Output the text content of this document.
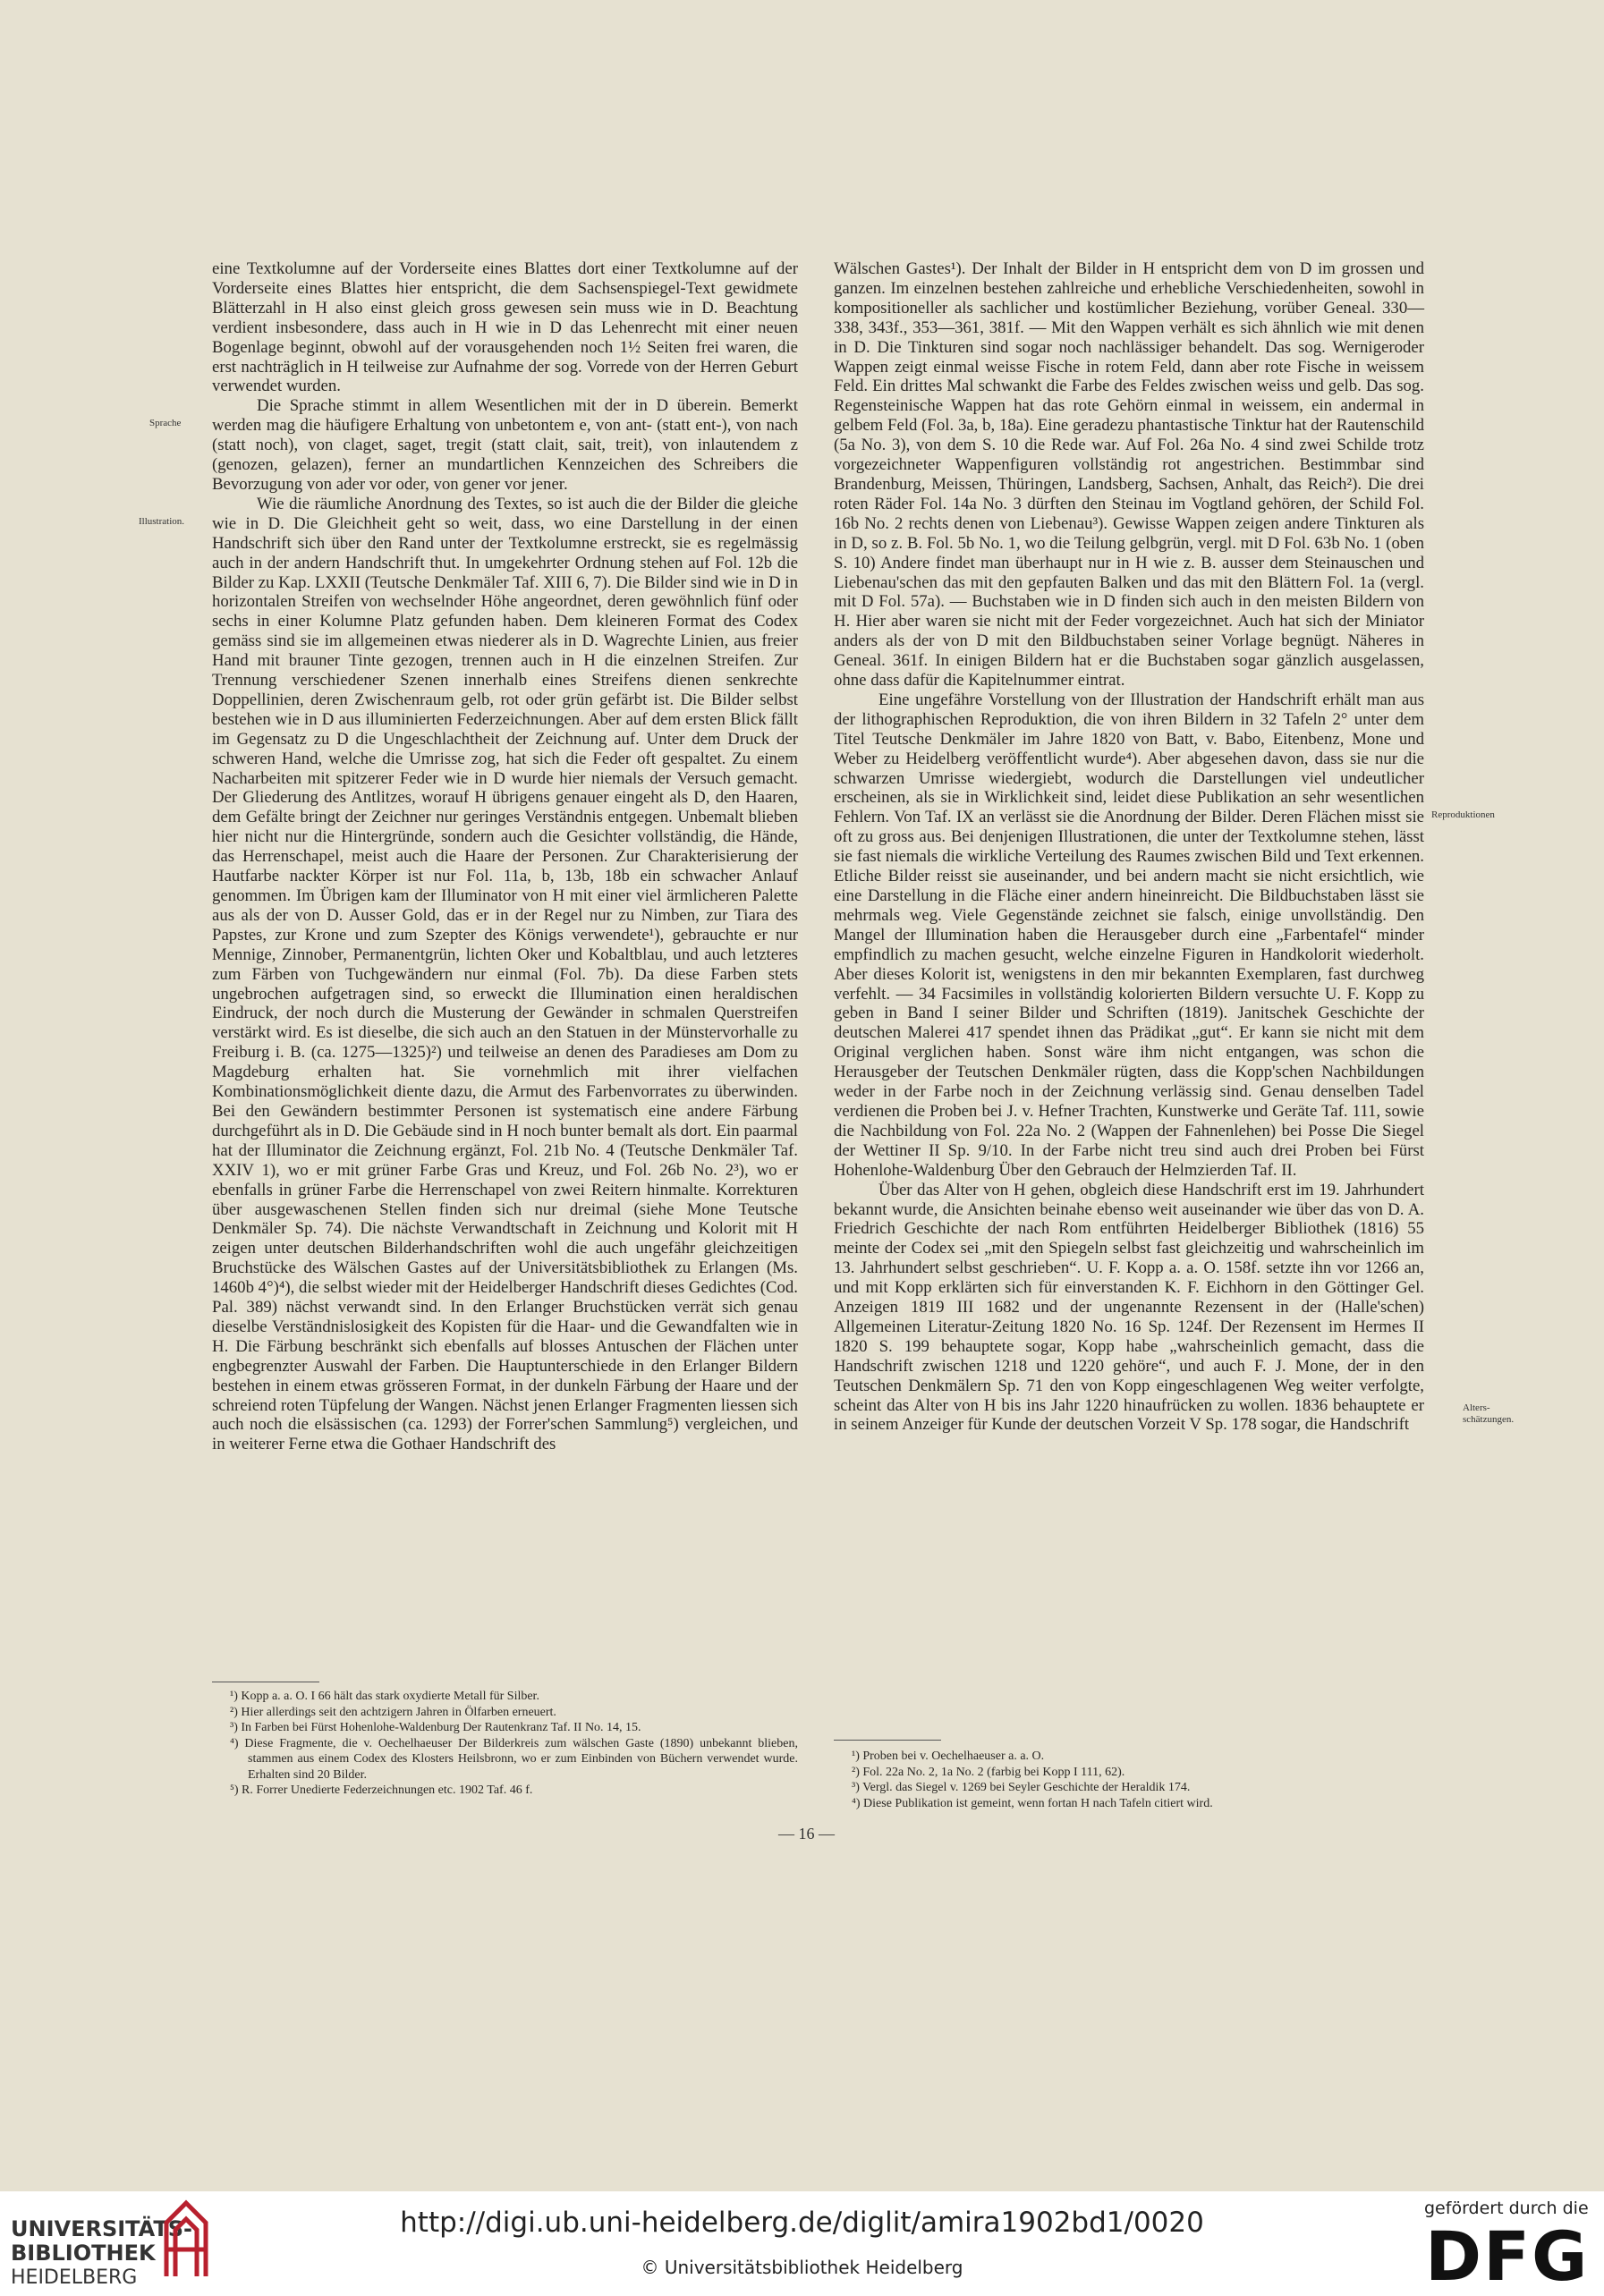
Sprache
Illustration.
Reproduktionen
Alters-
schätzungen.

eine Textkolumne auf der Vorderseite eines Blattes dort einer Textkolumne auf der Vorderseite eines Blattes hier entspricht, die dem Sachsenspiegel-Text gewidmete Blätterzahl in H also einst gleich gross gewesen sein muss wie in D. Beachtung verdient insbesondere, dass auch in H wie in D das Lehenrecht mit einer neuen Bogenlage beginnt, obwohl auf der vorausgehenden noch 1½ Seiten frei waren, die erst nachträglich in H teilweise zur Aufnahme der sog. Vorrede von der Herren Geburt verwendet wurden.

Die Sprache stimmt in allem Wesentlichen mit der in D überein. Bemerkt werden mag die häufigere Erhaltung von unbetontem e, von ant- (statt ent-), von nach (statt noch), von claget, saget, tregit (statt clait, sait, treit), von inlautendem z (genozen, gelazen), ferner an mundartlichen Kennzeichen des Schreibers die Bevorzugung von ader vor oder, von gener vor jener.

Wie die räumliche Anordnung des Textes, so ist auch die der Bilder die gleiche wie in D. Die Gleichheit geht so weit, dass, wo eine Darstellung in der einen Handschrift sich über den Rand unter der Textkolumne erstreckt, sie es regelmässig auch in der andern Handschrift thut. In umgekehrter Ordnung stehen auf Fol. 12b die Bilder zu Kap. LXXII (Teutsche Denkmäler Taf. XIII 6, 7). Die Bilder sind wie in D in horizontalen Streifen von wechselnder Höhe angeordnet, deren gewöhnlich fünf oder sechs in einer Kolumne Platz gefunden haben. Dem kleineren Format des Codex gemäss sind sie im allgemeinen etwas niederer als in D. Wagrechte Linien, aus freier Hand mit brauner Tinte gezogen, trennen auch in H die einzelnen Streifen. Zur Trennung verschiedener Szenen innerhalb eines Streifens dienen senkrechte Doppellinien, deren Zwischenraum gelb, rot oder grün gefärbt ist. Die Bilder selbst bestehen wie in D aus illuminierten Federzeichnungen. Aber auf dem ersten Blick fällt im Gegensatz zu D die Ungeschlachtheit der Zeichnung auf. Unter dem Druck der schweren Hand, welche die Umrisse zog, hat sich die Feder oft gespaltet. Zu einem Nacharbeiten mit spitzerer Feder wie in D wurde hier niemals der Versuch gemacht. Der Gliederung des Antlitzes, worauf H übrigens genauer eingeht als D, den Haaren, dem Gefälte bringt der Zeichner nur geringes Verständnis entgegen. Unbemalt blieben hier nicht nur die Hintergründe, sondern auch die Gesichter vollständig, die Hände, das Herrenschapel, meist auch die Haare der Personen. Zur Charakterisierung der Hautfarbe nackter Körper ist nur Fol. 11a, b, 13b, 18b ein schwacher Anlauf genommen. Im Übrigen kam der Illuminator von H mit einer viel ärmlicheren Palette aus als der von D. Ausser Gold, das er in der Regel nur zu Nimben, zur Tiara des Papstes, zur Krone und zum Szepter des Königs verwendete¹), gebrauchte er nur Mennige, Zinnober, Permanentgrün, lichten Oker und Kobaltblau, und auch letzteres zum Färben von Tuchgewändern nur einmal (Fol. 7b). Da diese Farben stets ungebrochen aufgetragen sind, so erweckt die Illumination einen heraldischen Eindruck, der noch durch die Musterung der Gewänder in schmalen Querstreifen verstärkt wird. Es ist dieselbe, die sich auch an den Statuen in der Münstervorhalle zu Freiburg i. B. (ca. 1275—1325)²) und teilweise an denen des Paradieses am Dom zu Magdeburg erhalten hat. Sie vornehmlich mit ihrer vielfachen Kombinationsmöglichkeit diente dazu, die Armut des Farbenvorrates zu überwinden. Bei den Gewändern bestimmter Personen ist systematisch eine andere Färbung durchgeführt als in D. Die Gebäude sind in H noch bunter bemalt als dort. Ein paarmal hat der Illuminator die Zeichnung ergänzt, Fol. 21b No. 4 (Teutsche Denkmäler Taf. XXIV 1), wo er mit grüner Farbe Gras und Kreuz, und Fol. 26b No. 2³), wo er ebenfalls in grüner Farbe die Herrenschapel von zwei Reitern hinmalte. Korrekturen über ausgewaschenen Stellen finden sich nur dreimal (siehe Mone Teutsche Denkmäler Sp. 74). Die nächste Verwandtschaft in Zeichnung und Kolorit mit H zeigen unter deutschen Bilderhandschriften wohl die auch ungefähr gleichzeitigen Bruchstücke des Wälschen Gastes auf der Universitätsbibliothek zu Erlangen (Ms. 1460b 4°)⁴), die selbst wieder mit der Heidelberger Handschrift dieses Gedichtes (Cod. Pal. 389) nächst verwandt sind. In den Erlanger Bruchstücken verrät sich genau dieselbe Verständnislosigkeit des Kopisten für die Haar- und die Gewandfalten wie in H. Die Färbung beschränkt sich ebenfalls auf blosses Antuschen der Flächen unter engbegrenzter Auswahl der Farben. Die Hauptunterschiede in den Erlanger Bildern bestehen in einem etwas grösseren Format, in der dunkeln Färbung der Haare und der schreiend roten Tüpfelung der Wangen. Nächst jenen Erlanger Fragmenten liessen sich auch noch die elsässischen (ca. 1293) der Forrer'schen Sammlung⁵) vergleichen, und in weiterer Ferne etwa die Gothaer Handschrift des

Wälschen Gastes¹). Der Inhalt der Bilder in H entspricht dem von D im grossen und ganzen. Im einzelnen bestehen zahlreiche und erhebliche Verschiedenheiten, sowohl in kompositioneller als sachlicher und kostümlicher Beziehung, vorüber Geneal. 330—338, 343f., 353—361, 381f. — Mit den Wappen verhält es sich ähnlich wie mit denen in D. Die Tinkturen sind sogar noch nachlässiger behandelt. Das sog. Wernigeroder Wappen zeigt einmal weisse Fische in rotem Feld, dann aber rote Fische in weissem Feld. Ein drittes Mal schwankt die Farbe des Feldes zwischen weiss und gelb. Das sog. Regensteinische Wappen hat das rote Gehörn einmal in weissem, ein andermal in gelbem Feld (Fol. 3a, b, 18a). Eine geradezu phantastische Tinktur hat der Rautenschild (5a No. 3), von dem S. 10 die Rede war. Auf Fol. 26a No. 4 sind zwei Schilde trotz vorgezeichneter Wappenfiguren vollständig rot angestrichen. Bestimmbar sind Brandenburg, Meissen, Thüringen, Landsberg, Sachsen, Anhalt, das Reich²). Die drei roten Räder Fol. 14a No. 3 dürften den Steinau im Vogtland gehören, der Schild Fol. 16b No. 2 rechts denen von Liebenau³). Gewisse Wappen zeigen andere Tinkturen als in D, so z. B. Fol. 5b No. 1, wo die Teilung gelbgrün, vergl. mit D Fol. 63b No. 1 (oben S. 10) Andere findet man überhaupt nur in H wie z. B. ausser dem Steinauschen und Liebenau'schen das mit den gepfauten Balken und das mit den Blättern Fol. 1a (vergl. mit D Fol. 57a). — Buchstaben wie in D finden sich auch in den meisten Bildern von H. Hier aber waren sie nicht mit der Feder vorgezeichnet. Auch hat sich der Miniator anders als der von D mit den Bildbuchstaben seiner Vorlage begnügt. Näheres in Geneal. 361f. In einigen Bildern hat er die Buchstaben sogar gänzlich ausgelassen, ohne dass dafür die Kapitelnummer eintrat.

Eine ungefähre Vorstellung von der Illustration der Handschrift erhält man aus der lithographischen Reproduktion, die von ihren Bildern in 32 Tafeln 2° unter dem Titel Teutsche Denkmäler im Jahre 1820 von Batt, v. Babo, Eitenbenz, Mone und Weber zu Heidelberg veröffentlicht wurde⁴). Aber abgesehen davon, dass sie nur die schwarzen Umrisse wiedergiebt, wodurch die Darstellungen viel undeutlicher erscheinen, als sie in Wirklichkeit sind, leidet diese Publikation an sehr wesentlichen Fehlern. Von Taf. IX an verlässt sie die Anordnung der Bilder. Deren Flächen misst sie oft zu gross aus. Bei denjenigen Illustrationen, die unter der Textkolumne stehen, lässt sie fast niemals die wirkliche Verteilung des Raumes zwischen Bild und Text erkennen. Etliche Bilder reisst sie auseinander, und bei andern macht sie nicht ersichtlich, wie eine Darstellung in die Fläche einer andern hineinreicht. Die Bildbuchstaben lässt sie mehrmals weg. Viele Gegenstände zeichnet sie falsch, einige unvollständig. Den Mangel der Illumination haben die Herausgeber durch eine „Farbentafel“ minder empfindlich zu machen gesucht, welche einzelne Figuren in Handkolorit wiederholt. Aber dieses Kolorit ist, wenigstens in den mir bekannten Exemplaren, fast durchweg verfehlt. — 34 Facsimiles in vollständig kolorierten Bildern versuchte U. F. Kopp zu geben in Band I seiner Bilder und Schriften (1819). Janitschek Geschichte der deutschen Malerei 417 spendet ihnen das Prädikat „gut“. Er kann sie nicht mit dem Original verglichen haben. Sonst wäre ihm nicht entgangen, was schon die Herausgeber der Teutschen Denkmäler rügten, dass die Kopp'schen Nachbildungen weder in der Farbe noch in der Zeichnung verlässig sind. Genau denselben Tadel verdienen die Proben bei J. v. Hefner Trachten, Kunstwerke und Geräte Taf. 111, sowie die Nachbildung von Fol. 22a No. 2 (Wappen der Fahnenlehen) bei Posse Die Siegel der Wettiner II Sp. 9/10. In der Farbe nicht treu sind auch drei Proben bei Fürst Hohenlohe-Waldenburg Über den Gebrauch der Helmzierden Taf. II.

Über das Alter von H gehen, obgleich diese Handschrift erst im 19. Jahrhundert bekannt wurde, die Ansichten beinahe ebenso weit auseinander wie über das von D. A. Friedrich Geschichte der nach Rom entführten Heidelberger Bibliothek (1816) 55 meinte der Codex sei „mit den Spiegeln selbst fast gleichzeitig und wahrscheinlich im 13. Jahrhundert selbst geschrieben“. U. F. Kopp a. a. O. 158f. setzte ihn vor 1266 an, und mit Kopp erklärten sich für einverstanden K. F. Eichhorn in den Göttinger Gel. Anzeigen 1819 III 1682 und der ungenannte Rezensent in der (Halle'schen) Allgemeinen Literatur-Zeitung 1820 No. 16 Sp. 124f. Der Rezensent im Hermes II 1820 S. 199 behauptete sogar, Kopp habe „wahrscheinlich gemacht, dass die Handschrift zwischen 1218 und 1220 gehöre“, und auch F. J. Mone, der in den Teutschen Denkmälern Sp. 71 den von Kopp eingeschlagenen Weg weiter verfolgte, scheint das Alter von H bis ins Jahr 1220 hinaufrücken zu wollen. 1836 behauptete er in seinem Anzeiger für Kunde der deutschen Vorzeit V Sp. 178 sogar, die Handschrift

¹) Kopp a. a. O. I 66 hält das stark oxydierte Metall für Silber.

²) Hier allerdings seit den achtzigern Jahren in Ölfarben erneuert.

³) In Farben bei Fürst Hohenlohe-Waldenburg Der Rautenkranz Taf. II No. 14, 15.

⁴) Diese Fragmente, die v. Oechelhaeuser Der Bilderkreis zum wälschen Gaste (1890) unbekannt blieben, stammen aus einem Codex des Klosters Heilsbronn, wo er zum Einbinden von Büchern verwendet wurde. Erhalten sind 20 Bilder.

⁵) R. Forrer Unedierte Federzeichnungen etc. 1902 Taf. 46 f.

¹) Proben bei v. Oechelhaeuser a. a. O.

²) Fol. 22a No. 2, 1a No. 2 (farbig bei Kopp I 111, 62).

³) Vergl. das Siegel v. 1269 bei Seyler Geschichte der Heraldik 174.

⁴) Diese Publikation ist gemeint, wenn fortan H nach Tafeln citiert wird.

— 16 —
UNIVERSITÄTS-
BIBLIOTHEK
HEIDELBERG
http://digi.ub.uni-heidelberg.de/diglit/amira1902bd1/0020
© Universitätsbibliothek Heidelberg
gefördert durch die
DFG
